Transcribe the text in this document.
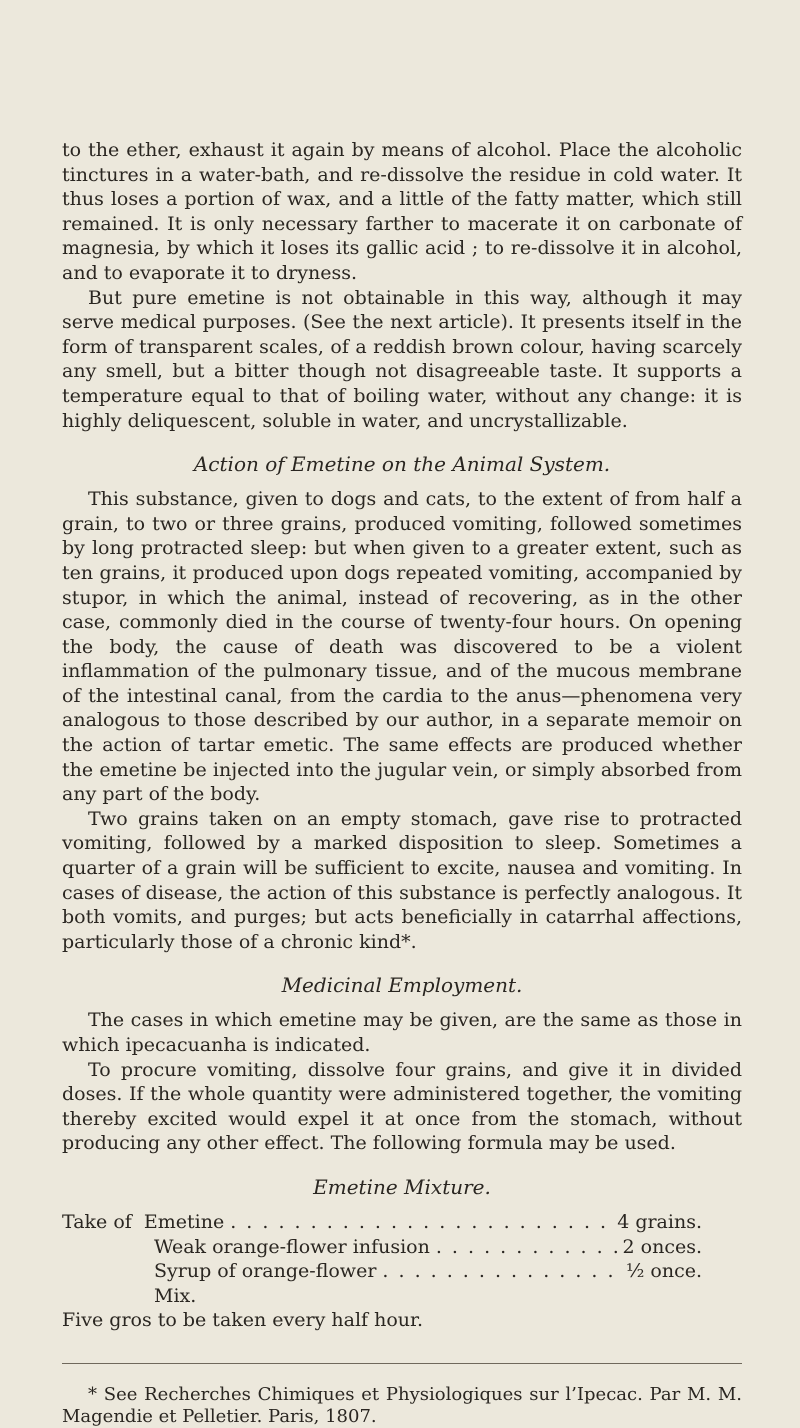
to the ether, exhaust it again by means of alcohol. Place the alcoholic tinctures in a water-bath, and re-dissolve the residue in cold water. It thus loses a portion of wax, and a little of the fatty matter, which still remained. It is only necessary farther to macerate it on carbonate of magnesia, by which it loses its gallic acid ; to re-dissolve it in alcohol, and to evaporate it to dryness.

But pure emetine is not obtainable in this way, although it may serve medical purposes. (See the next article). It presents itself in the form of transparent scales, of a reddish brown colour, having scarcely any smell, but a bitter though not disagreeable taste. It supports a temperature equal to that of boiling water, without any change: it is highly deliquescent, soluble in water, and uncrystallizable.

Action of Emetine on the Animal System.

This substance, given to dogs and cats, to the extent of from half a grain, to two or three grains, produced vomiting, followed sometimes by long protracted sleep: but when given to a greater extent, such as ten grains, it produced upon dogs repeated vomiting, accompanied by stupor, in which the animal, instead of recovering, as in the other case, commonly died in the course of twenty-four hours. On opening the body, the cause of death was discovered to be a violent inflammation of the pulmonary tissue, and of the mucous membrane of the intestinal canal, from the cardia to the anus—phenomena very analogous to those described by our author, in a separate memoir on the action of tartar emetic. The same effects are produced whether the emetine be injected into the jugular vein, or simply absorbed from any part of the body.

Two grains taken on an empty stomach, gave rise to protracted vomiting, followed by a marked disposition to sleep. Sometimes a quarter of a grain will be sufficient to excite, nausea and vomiting. In cases of disease, the action of this substance is perfectly analogous. It both vomits, and purges; but acts beneficially in catarrhal affections, particularly those of a chronic kind*.

Medicinal Employment.

The cases in which emetine may be given, are the same as those in which ipecacuanha is indicated.

To procure vomiting, dissolve four grains, and give it in divided doses. If the whole quantity were administered together, the vomiting thereby excited would expel it at once from the stomach, without producing any other effect. The following formula may be used.

Emetine Mixture.
Take of
Emetine . . .	4 grains.
Weak orange-flower infusion . . .	2 onces.
Syrup of orange-flower . . .	½ once.
Mix.
Five gros to be taken every half hour.

* See Recherches Chimiques et Physiologiques sur l’Ipecac. Par M. M. Magendie et Pelletier. Paris, 1807.
